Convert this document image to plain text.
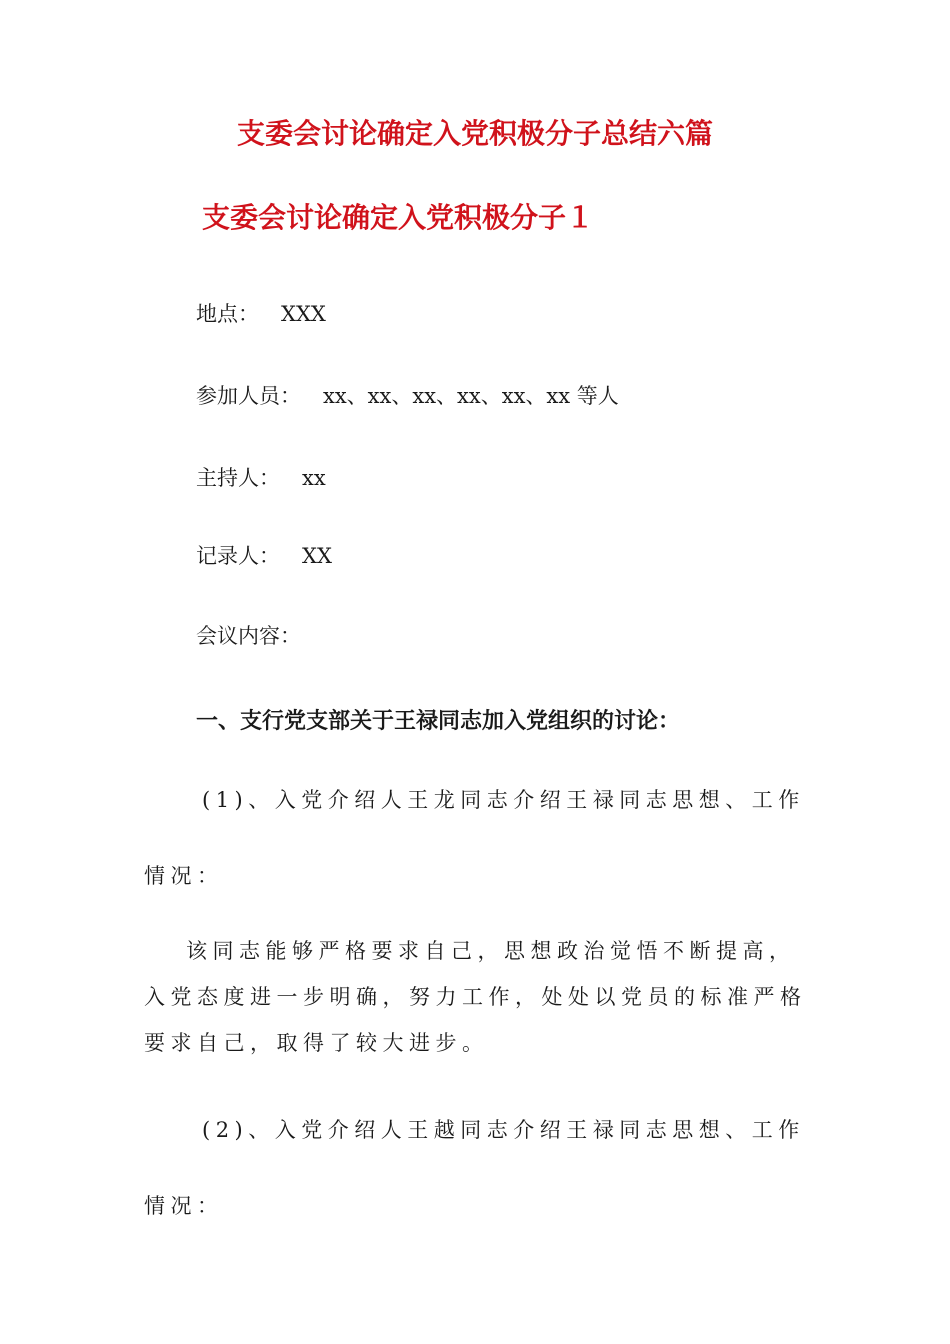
支委会讨论确定入党积极分子总结六篇
支委会讨论确定入党积极分子１
地点： XXX
参加人员： xx、xx、xx、xx、xx、xx 等人
主持人： xx
记录人： XX
会议内容：
一、支行党支部关于王禄同志加入党组织的讨论：
(1)、入党介绍人王龙同志介绍王禄同志思想、工作情况：
该同志能够严格要求自己，思想政治觉悟不断提高，入党态度进一步明确，努力工作，处处以党员的标准严格要求自己，取得了较大进步。
(2)、入党介绍人王越同志介绍王禄同志思想、工作情况：
